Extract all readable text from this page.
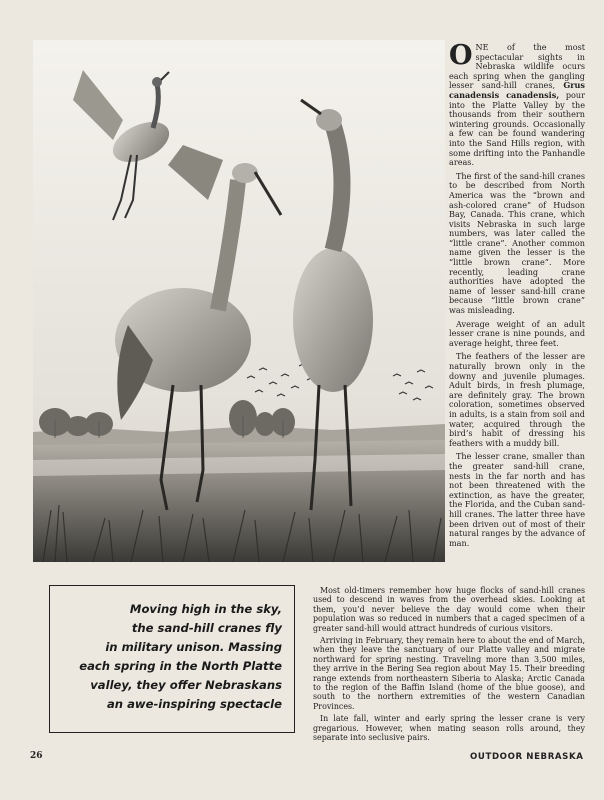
ONE of the most spectacular sights in Nebraska wildlife ocurs each spring when the gangling lesser sand-hill cranes, Grus canadensis canadensis, pour into the Platte Valley by the thousands from their southern wintering grounds. Occasionally a few can be found wandering into the Sand Hills region, with some drifting into the Panhandle areas.

The first of the sand-hill cranes to be described from North America was the “brown and ash-colored crane” of Hudson Bay, Canada. This crane, which visits Nebraska in such large numbers, was later called the “little crane”. Another common name given the lesser is the “little brown crane”. More recently, leading crane authorities have adopted the name of lesser sand-hill crane because “little brown crane” was misleading.

Average weight of an adult lesser crane is nine pounds, and average height, three feet.

The feathers of the lesser are naturally brown only in the downy and juvenile plumages. Adult birds, in fresh plumage, are definitely gray. The brown coloration, sometimes observed in adults, is a stain from soil and water, acquired through the bird’s habit of dressing his feathers with a muddy bill.

The lesser crane, smaller than the greater sand-hill crane, nests in the far north and has not been threatened with the extinction, as have the greater, the Florida, and the Cuban sand-hill cranes. The latter three have been driven out of most of their natural ranges by the advance of man.

Moving high in the sky,
the sand-hill cranes fly
in military unison. Massing
each spring in the North Platte
valley, they offer Nebraskans
an awe-inspiring spectacle

Most old-timers remember how huge flocks of sand-hill cranes used to descend in waves from the overhead skies. Looking at them, you’d never believe the day would come when their population was so reduced in numbers that a caged specimen of a greater sand-hill would attract hundreds of curious visitors.

Arriving in February, they remain here to about the end of March, when they leave the sanctuary of our Platte valley and migrate northward for spring nesting. Traveling more than 3,500 miles, they arrive in the Bering Sea region about May 15. Their breeding range extends from northeastern Siberia to Alaska; Arctic Canada to the region of the Baffin Island (home of the blue goose), and south to the northern extremities of the western Canadian Provinces.

In late fall, winter and early spring the lesser crane is very gregarious. However, when mating season rolls around, they separate into seclusive pairs.

26	OUTDOOR NEBRASKA
